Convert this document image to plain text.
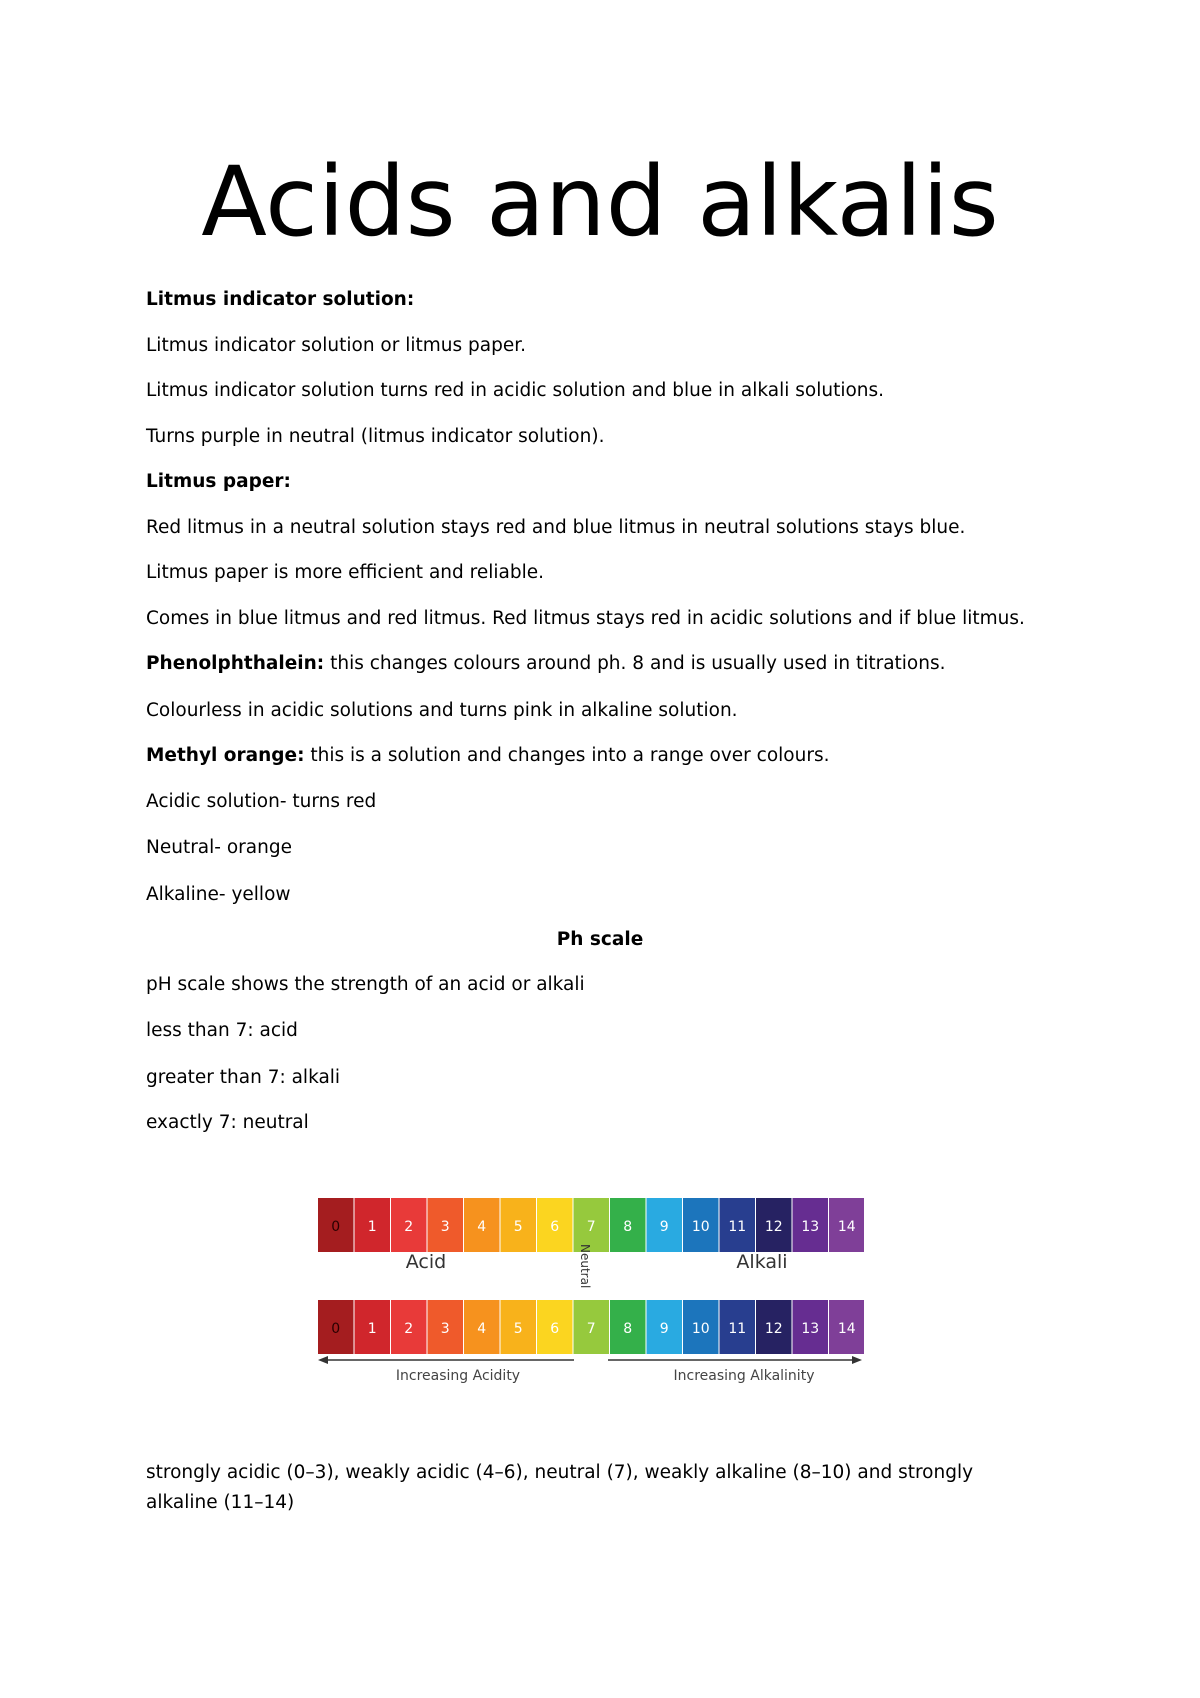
Acids and alkalis
Litmus indicator solution:
Litmus indicator solution or litmus paper.
Litmus indicator solution turns red in acidic solution and blue in alkali solutions.
Turns purple in neutral (litmus indicator solution).
Litmus paper:
Red litmus in a neutral solution stays red and blue litmus in neutral solutions stays blue.
Litmus paper is more efficient and reliable.
Comes in blue litmus and red litmus. Red litmus stays red in acidic solutions and if blue litmus.
Phenolphthalein: this changes colours around ph. 8 and is usually used in titrations.
Colourless in acidic solutions and turns pink in alkaline solution.
Methyl orange: this is a solution and changes into a range over colours.
Acidic solution- turns red
Neutral- orange
Alkaline- yellow
Ph scale
pH scale shows the strength of an acid or alkali
less than 7: acid
greater than 7: alkali
exactly 7: neutral
0 1 2 3 4 5 6 7 8 9 10 11 12 13 14
0 1 2 3 4 5 6 7 8 9 10 11 12 13 14
Acid	Alkali
Neutral
Increasing Acidity	Increasing Alkalinity
strongly acidic (0–3), weakly acidic (4–6), neutral (7), weakly alkaline (8–10) and strongly alkaline (11–14)
